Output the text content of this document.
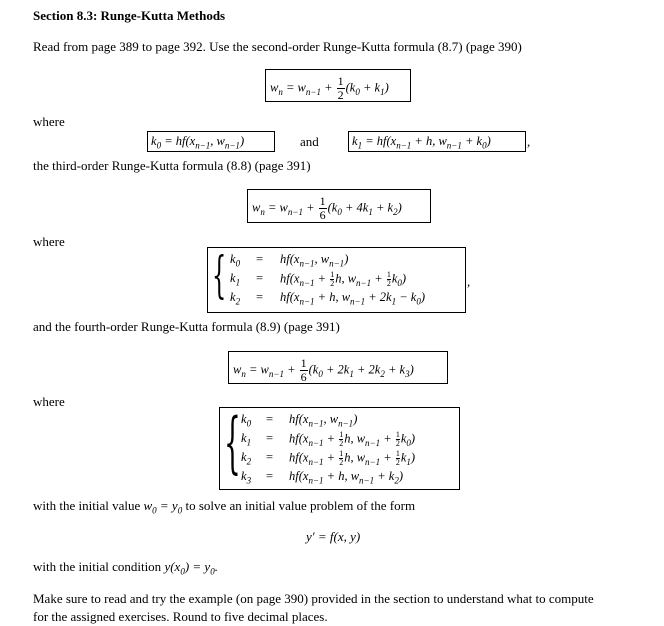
Section 8.3: Runge-Kutta Methods
Read from page 389 to page 392. Use the second-order Runge-Kutta formula (8.7) (page 390)
$w_n = w_{n-1} + \frac{1}{2} (k_0 + k_1)$
where
$k_0 = hf(x_{n-1}$, $w_{n-1}$)	and	$k_1 = hf(x_{n-1} + h$, $w_{n-1} + k_0$)	,
the third-order Runge-Kutta formula (8.8) (page 391)
$w_n = w_{n-1} + \frac{1}{6} (k_0 + 4k_1 + k_2)$
where
{ $k_0 = hf(x_{n-1}$, $w_{n-1}$)
$k_1 = hf(x_{n-1} + \frac{1}{2} h$, $w_{n-1} + \frac{1}{2} k_0$)
$k_2 = hf(x_{n-1} + h$, $w_{n-1} + 2k_1 - k_0$)
,
and the fourth-order Runge-Kutta formula (8.9) (page 391)
$w_n = w_{n-1} + \frac{1}{6} (k_0 + 2k_1 + 2k_2 + k_3)$
where
{ $k_0 = hf(x_{n-1}$, $w_{n-1}$)
$k_1 = hf(x_{n-1} + \frac{1}{2} h$, $w_{n-1} + \frac{1}{2} k_0$)
$k_2 = hf(x_{n-1} + \frac{1}{2} h$, $w_{n-1} + \frac{1}{2} k_1$)
$k_3 = hf(x_{n-1} + h$, $w_{n-1} + k_2$)
with the initial value $w_0 = y_0$ to solve an initial value problem of the form
y′ = f(x, y)
with the initial condition $y(x_0) = y_0$.
Make sure to read and try the example (on page 390) provided in the section to understand what to compute
for the assigned exercises. Round to five decimal places.
